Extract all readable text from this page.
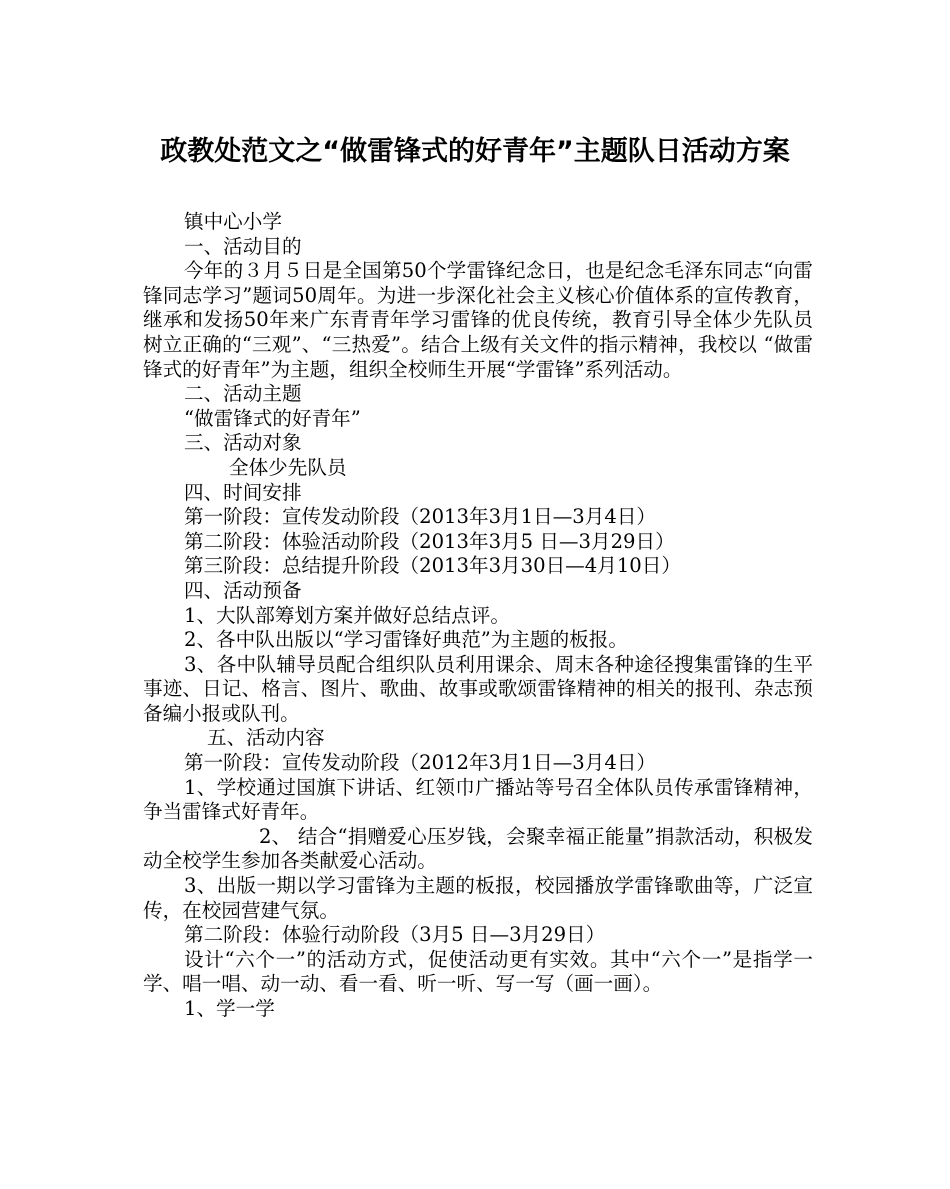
政教处范文之“做雷锋式的好青年”主题队日活动方案

镇中心小学

一、活动目的

今年的３月５日是全国第50个学雷锋纪念日，也是纪念毛泽东同志“向雷锋同志学习”题词50周年。为进一步深化社会主义核心价值体系的宣传教育，继承和发扬50年来广东青青年学习雷锋的优良传统，教育引导全体少先队员树立正确的“三观”、“三热爱”。结合上级有关文件的指示精神，我校以 “做雷锋式的好青年”为主题，组织全校师生开展“学雷锋”系列活动。

二、活动主题

“做雷锋式的好青年”

三、活动对象

全体少先队员

四、时间安排

第一阶段：宣传发动阶段（2013年3月1日—3月4日）

第二阶段：体验活动阶段（2013年3月5 日—3月29日）

第三阶段：总结提升阶段（2013年3月30日—4月10日）

四、活动预备

1、大队部筹划方案并做好总结点评。

2、各中队出版以“学习雷锋好典范”为主题的板报。

3、各中队辅导员配合组织队员利用课余、周末各种途径搜集雷锋的生平事迹、日记、格言、图片、歌曲、故事或歌颂雷锋精神的相关的报刊、杂志预备编小报或队刊。

五、活动内容

第一阶段：宣传发动阶段（2012年3月1日—3月4日）

1、学校通过国旗下讲话、红领巾广播站等号召全体队员传承雷锋精神，争当雷锋式好青年。

2、 结合“捐赠爱心压岁钱，会聚幸福正能量”捐款活动，积极发动全校学生参加各类献爱心活动。

3、出版一期以学习雷锋为主题的板报，校园播放学雷锋歌曲等，广泛宣传，在校园营建气氛。

第二阶段：体验行动阶段（3月5 日—3月29日）

设计“六个一”的活动方式，促使活动更有实效。其中“六个一”是指学一学、唱一唱、动一动、看一看、听一听、写一写（画一画）。

1、学一学
